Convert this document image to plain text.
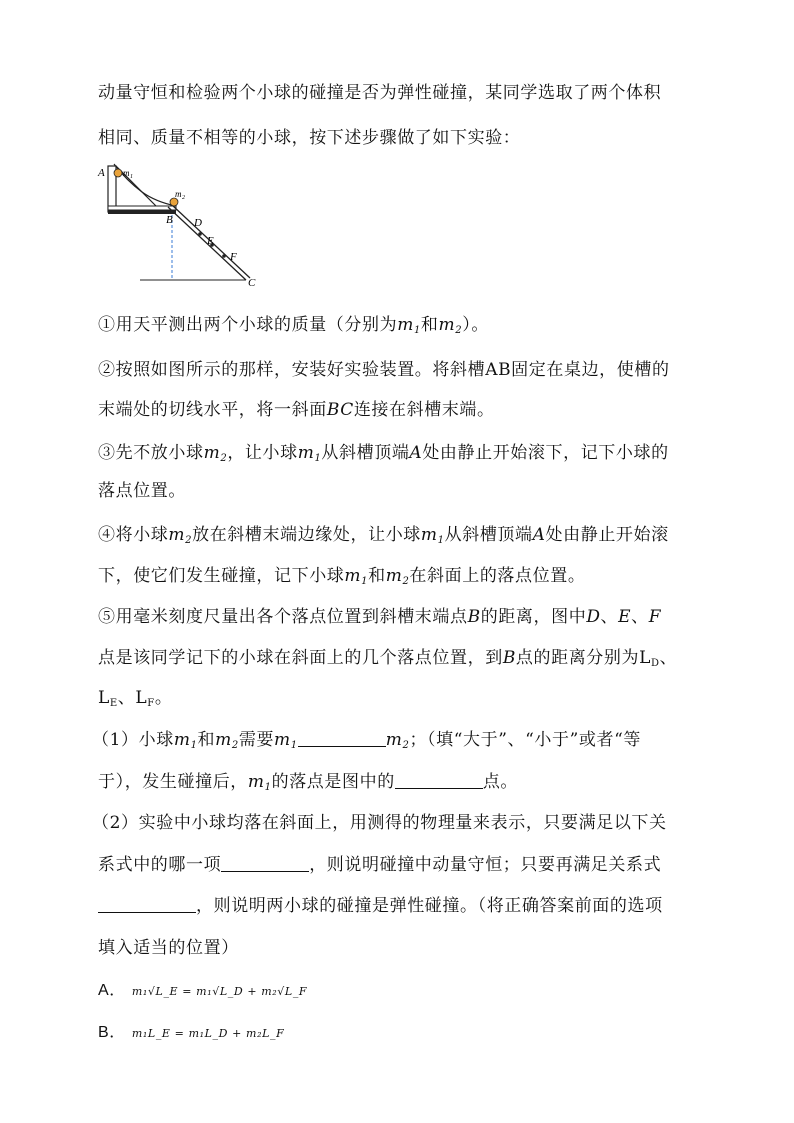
动量守恒和检验两个小球的碰撞是否为弹性碰撞，某同学选取了两个体积
相同、质量不相等的小球，按下述步骤做了如下实验：
A m 1
m 2
B D
E
F
C
①用天平测出两个小球的质量（分别为$m_1$和$m_2$）。
②按照如图所示的那样，安装好实验装置。将斜槽AB固定在桌边，使槽的
末端处的切线水平，将一斜面BC连接在斜槽末端。
③先不放小球$m_2$，让小球$m_1$从斜槽顶端A处由静止开始滚下，记下小球的
落点位置。
④将小球$m_2$放在斜槽末端边缘处，让小球$m_1$从斜槽顶端A处由静止开始滚
下，使它们发生碰撞，记下小球$m_1$和$m_2$在斜面上的落点位置。
⑤用毫米刻度尺量出各个落点位置到斜槽末端点B的距离，图中D、E、F
点是该同学记下的小球在斜面上的几个落点位置，到B点的距离分别为$L_D$、
$L_E$、$L_F$。
（1）小球$m_1$和$m_2$需要$m_1$	$m_2$；（填“大于”、“小于”或者“等
于），发生碰撞后，$m_1$的落点是图中的	点。
（2）实验中小球均落在斜面上，用测得的物理量来表示，只要满足以下关
系式中的哪一项	，则说明碰撞中动量守恒；只要再满足关系式
，则说明两小球的碰撞是弹性碰撞。（将正确答案前面的选项
填入适当的位置）
A． m₁√L_E = m₁√L_D + m₂√L_F
B． m₁L_E = m₁L_D + m₂L_F
